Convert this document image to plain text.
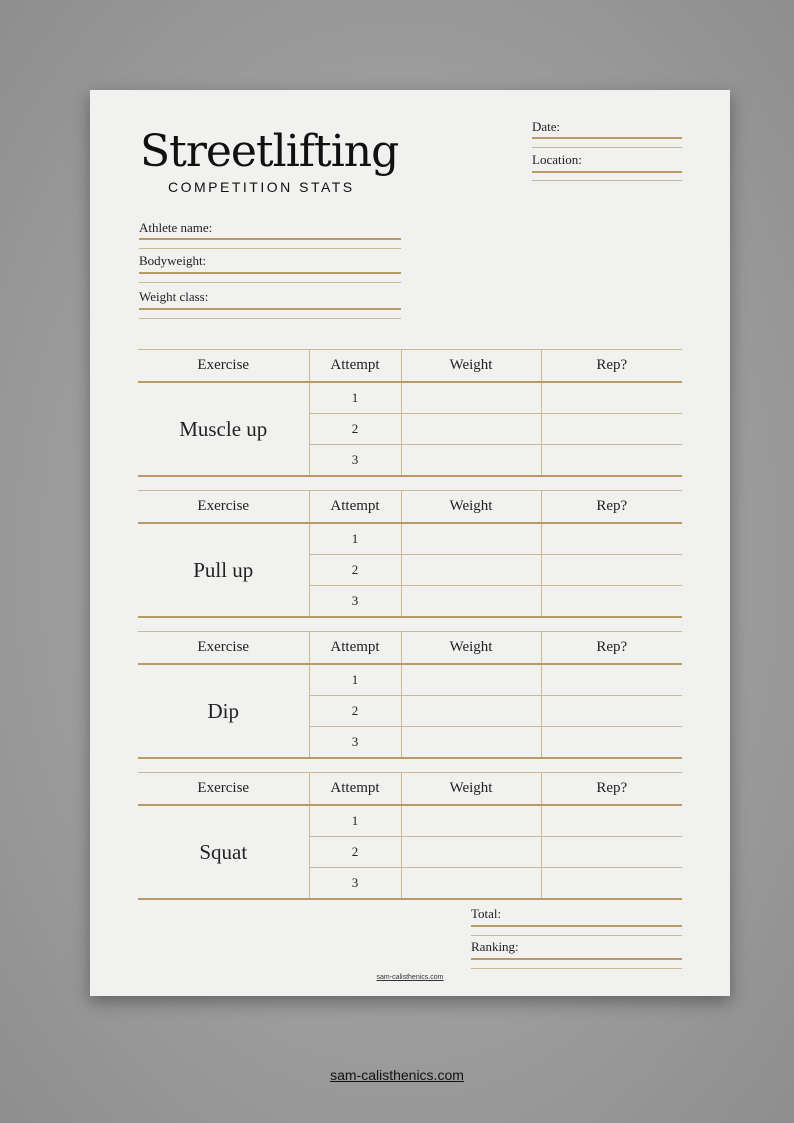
Streetlifting
COMPETITION STATS
Date:
Location:
Athlete name:
Bodyweight:
Weight class:
Exercise	Attempt	Weight	Rep?
Muscle up	1		
	2		
	3		
Exercise	Attempt	Weight	Rep?
Pull up	1		
	2		
	3		
Exercise	Attempt	Weight	Rep?
Dip	1		
	2		
	3		
Exercise	Attempt	Weight	Rep?
Squat	1		
	2		
	3		
Total:
Ranking:
sam-calisthenics.com
sam-calisthenics.com
